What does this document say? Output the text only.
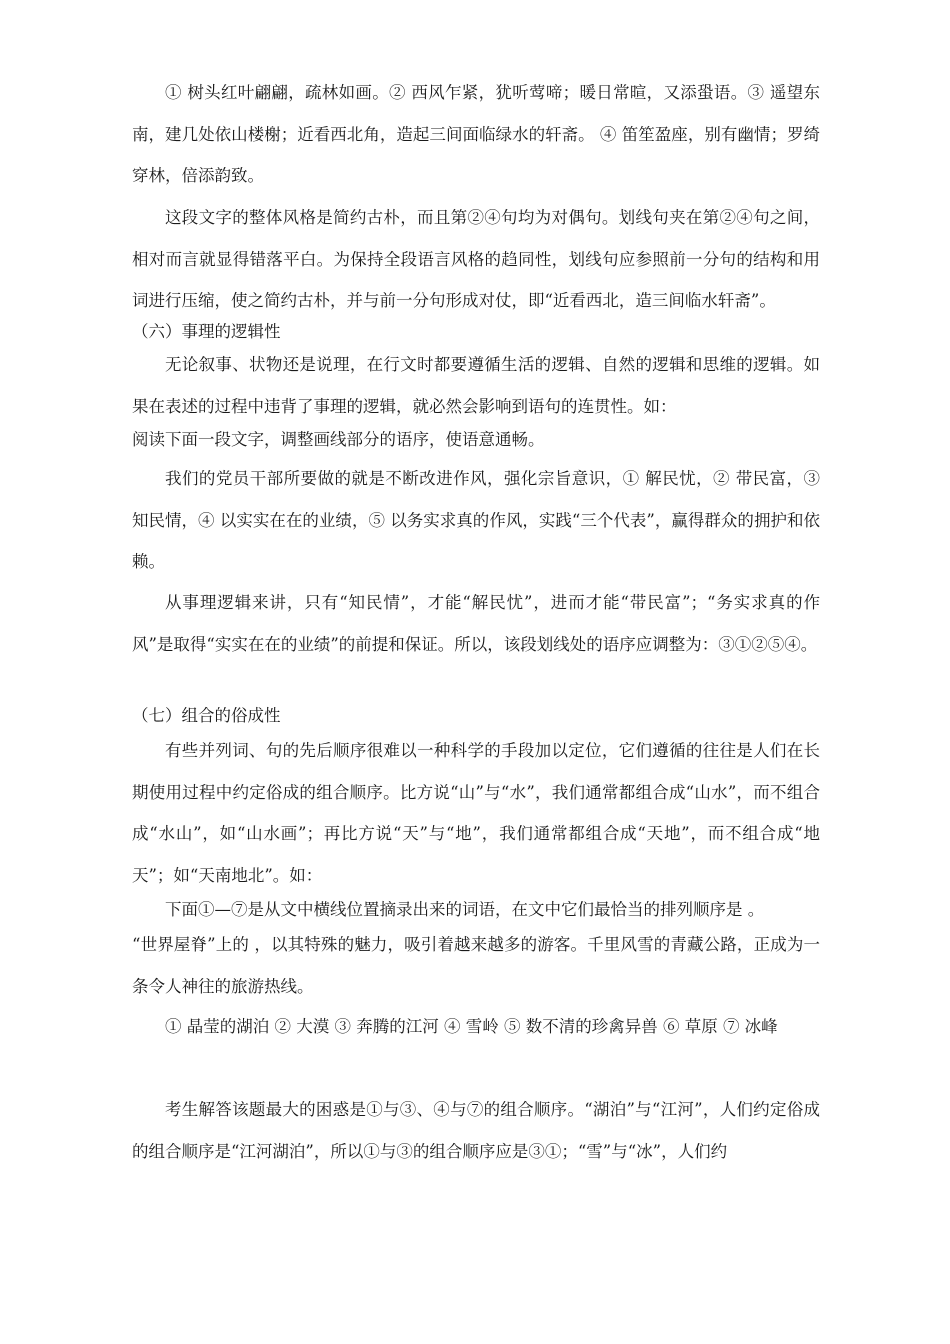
① 树头红叶翩翩，疏林如画。② 西风乍紧，犹听莺啼；暖日常暄，又添蛩语。③ 遥望东南，建几处依山楼榭；近看西北角，造起三间面临绿水的轩斋。 ④ 笛笙盈座，别有幽情；罗绮穿林，倍添韵致。

这段文字的整体风格是简约古朴，而且第②④句均为对偶句。划线句夹在第②④句之间，相对而言就显得错落平白。为保持全段语言风格的趋同性，划线句应参照前一分句的结构和用词进行压缩，使之简约古朴，并与前一分句形成对仗，即“近看西北，造三间临水轩斋”。

（六）事理的逻辑性

无论叙事、状物还是说理，在行文时都要遵循生活的逻辑、自然的逻辑和思维的逻辑。如果在表述的过程中违背了事理的逻辑，就必然会影响到语句的连贯性。如：

阅读下面一段文字，调整画线部分的语序，使语意通畅。

我们的党员干部所要做的就是不断改进作风，强化宗旨意识，① 解民忧，② 带民富，③ 知民情，④ 以实实在在的业绩，⑤ 以务实求真的作风，实践“三个代表”，赢得群众的拥护和依赖。

从事理逻辑来讲，只有“知民情”，才能“解民忧”，进而才能“带民富”；“务实求真的作风”是取得“实实在在的业绩”的前提和保证。所以，该段划线处的语序应调整为：③①②⑤④。

（七）组合的俗成性

有些并列词、句的先后顺序很难以一种科学的手段加以定位，它们遵循的往往是人们在长期使用过程中约定俗成的组合顺序。比方说“山”与“水”，我们通常都组合成“山水”，而不组合成“水山”，如“山水画”；再比方说“天”与“地”，我们通常都组合成“天地”，而不组合成“地天”；如“天南地北”。如：

下面①—⑦是从文中横线位置摘录出来的词语，在文中它们最恰当的排列顺序是 。

“世界屋脊”上的 ，以其特殊的魅力，吸引着越来越多的游客。千里风雪的青藏公路，正成为一条令人神往的旅游热线。

① 晶莹的湖泊 ② 大漠 ③ 奔腾的江河 ④ 雪岭 ⑤ 数不清的珍禽异兽 ⑥ 草原 ⑦ 冰峰

考生解答该题最大的困惑是①与③、④与⑦的组合顺序。“湖泊”与“江河”，人们约定俗成的组合顺序是“江河湖泊”，所以①与③的组合顺序应是③①；“雪”与“冰”，人们约
